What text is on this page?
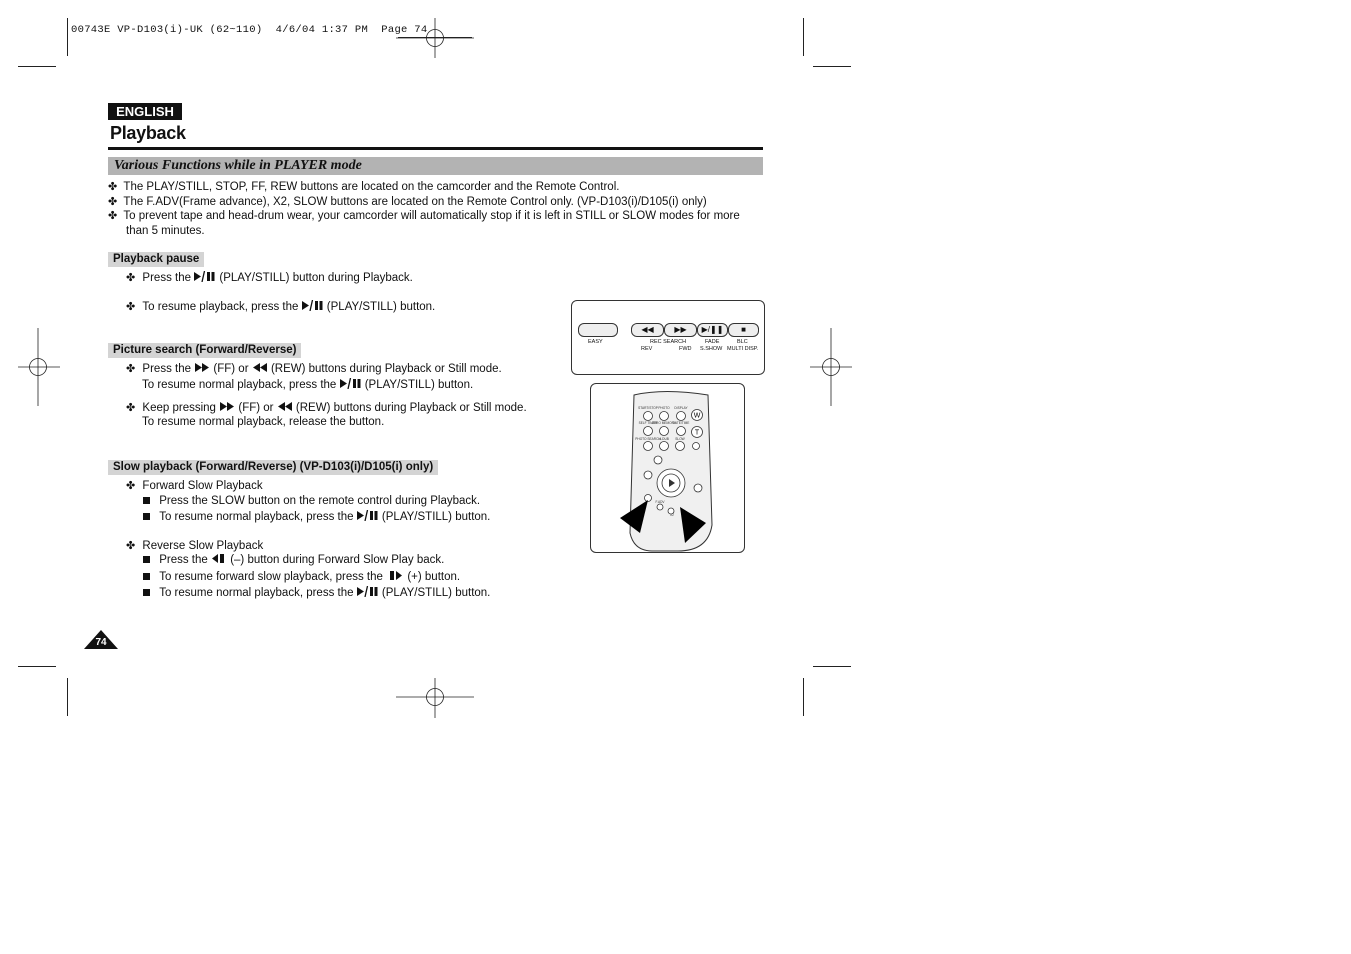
00743E VP-D103(i)-UK (62~110)  4/6/04 1:37 PM  Page 74
ENGLISH
Playback
Various Functions while in PLAYER mode
✤ The PLAY/STILL, STOP, FF, REW buttons are located on the camcorder and the Remote Control.
✤ The F.ADV(Frame advance), X2, SLOW buttons are located on the Remote Control only. (VP-D103(i)/D105(i) only)
✤ To prevent tape and head-drum wear, your camcorder will automatically stop if it is left in STILL or SLOW modes for more
than 5 minutes.
Playback pause
✤ Press the (PLAY/STILL) button during Playback.
✤ To resume playback, press the (PLAY/STILL) button.
Picture search (Forward/Reverse)
✤ Press the (FF) or (REW) buttons during Playback or Still mode.
To resume normal playback, press the (PLAY/STILL) button.
✤ Keep pressing (FF) or (REW) buttons during Playback or Still mode.
To resume normal playback, release the button.
Slow playback (Forward/Reverse) (VP-D103(i)/D105(i) only)
✤ Forward Slow Playback
Press the SLOW button on the remote control during Playback.
To resume normal playback, press the (PLAY/STILL) button.
✤ Reverse Slow Playback
Press the (–) button during Forward Slow Play back.
To resume forward slow playback, press the (+) button.
To resume normal playback, press the (PLAY/STILL) button.
◀◀	▶▶	▶/❚❚	■
EASY	REC SEARCH
REV	FWD
FADE
S.SHOW
BLC
MULTI DISP.
W
T
START/STOP PHOTO DISPLAY
SELF TIMER
ZERO MEMORY
DATE/TIME
PHOTO SEARCH
A.DUB SLOW
F.ADV
X2
74
